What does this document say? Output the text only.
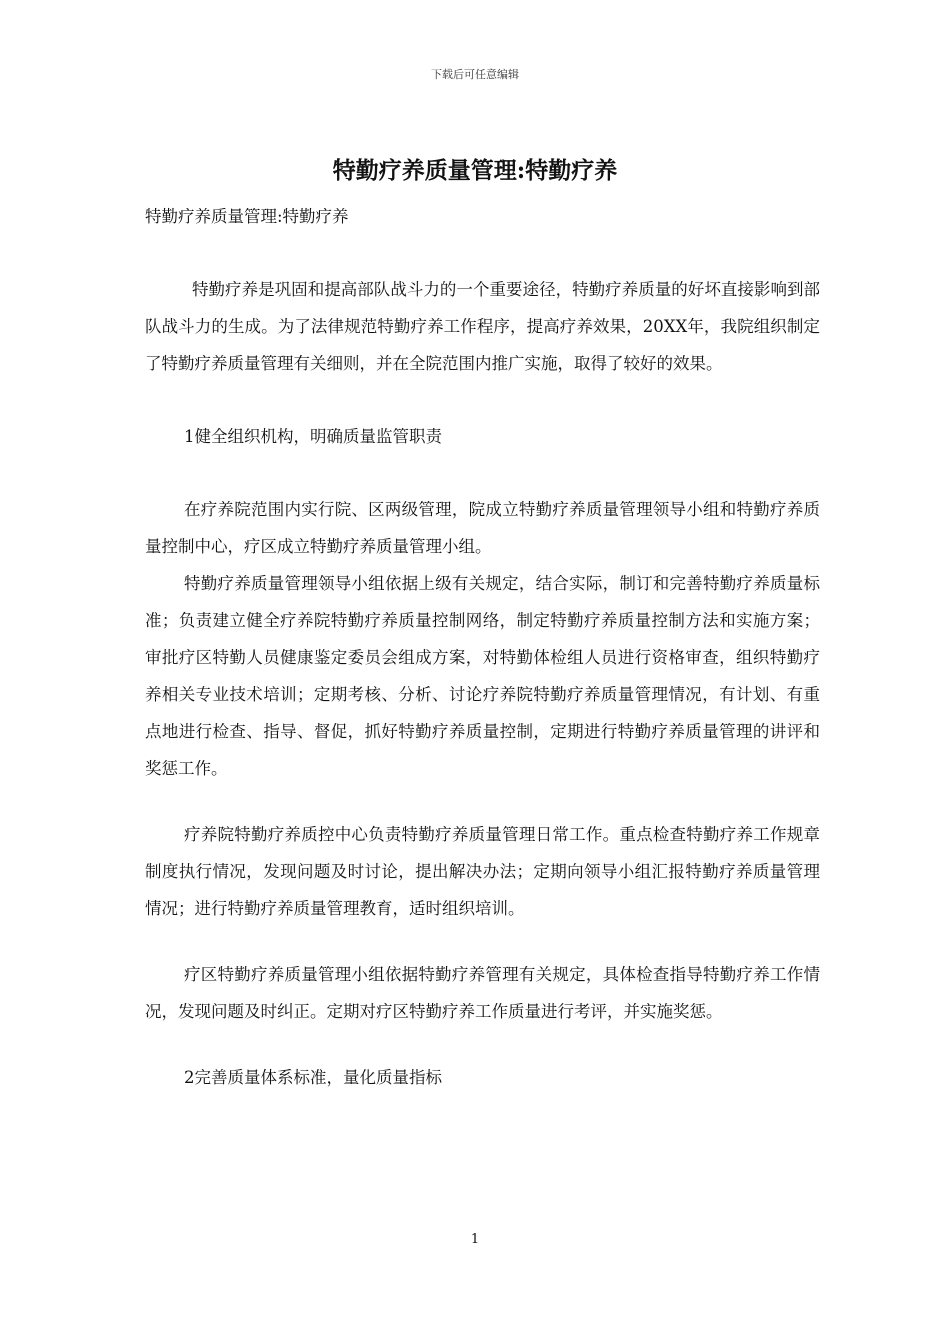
下载后可任意编辑
特勤疗养质量管理:特勤疗养

特勤疗养质量管理:特勤疗养

特勤疗养是巩固和提高部队战斗力的一个重要途径，特勤疗养质量的好坏直接影响到部队战斗力的生成。为了法律规范特勤疗养工作程序，提高疗养效果，20XX年，我院组织制定了特勤疗养质量管理有关细则，并在全院范围内推广实施，取得了较好的效果。

1健全组织机构，明确质量监管职责

在疗养院范围内实行院、区两级管理，院成立特勤疗养质量管理领导小组和特勤疗养质量控制中心，疗区成立特勤疗养质量管理小组。

特勤疗养质量管理领导小组依据上级有关规定，结合实际，制订和完善特勤疗养质量标准；负责建立健全疗养院特勤疗养质量控制网络，制定特勤疗养质量控制方法和实施方案；审批疗区特勤人员健康鉴定委员会组成方案，对特勤体检组人员进行资格审查，组织特勤疗养相关专业技术培训；定期考核、分析、讨论疗养院特勤疗养质量管理情况，有计划、有重点地进行检查、指导、督促，抓好特勤疗养质量控制，定期进行特勤疗养质量管理的讲评和奖惩工作。

疗养院特勤疗养质控中心负责特勤疗养质量管理日常工作。重点检查特勤疗养工作规章制度执行情况，发现问题及时讨论，提出解决办法；定期向领导小组汇报特勤疗养质量管理情况；进行特勤疗养质量管理教育，适时组织培训。

疗区特勤疗养质量管理小组依据特勤疗养管理有关规定，具体检查指导特勤疗养工作情况，发现问题及时纠正。定期对疗区特勤疗养工作质量进行考评，并实施奖惩。

2完善质量体系标准，量化质量指标

1
